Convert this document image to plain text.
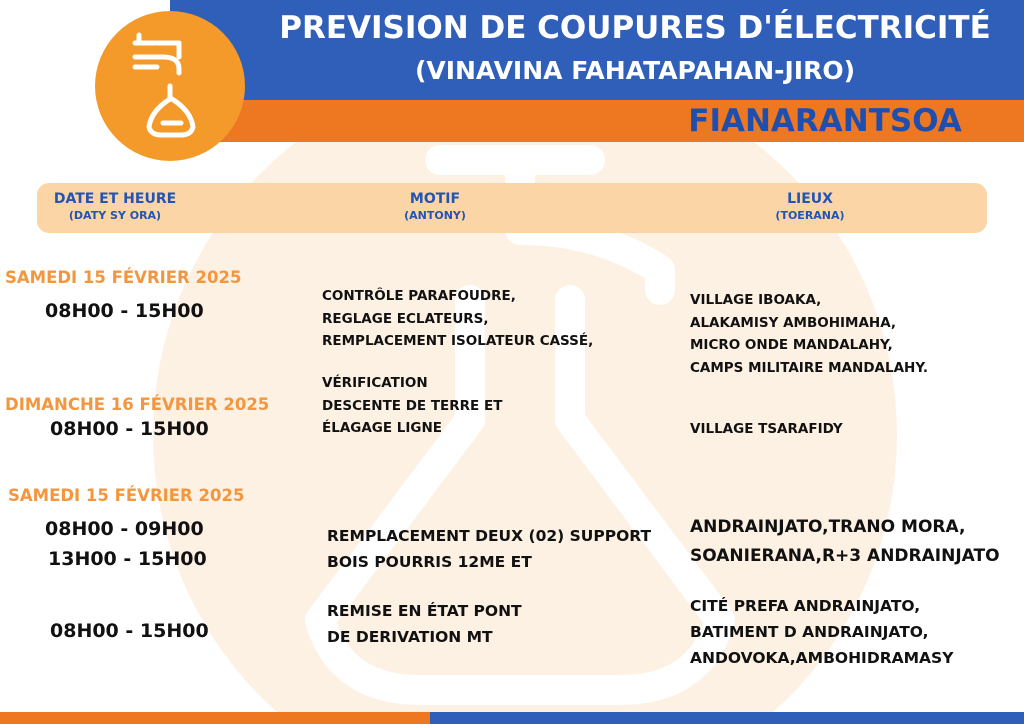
PREVISION DE COUPURES D'ÉLECTRICITÉ
(VINAVINA FAHATAPAHAN-JIRO)
FIANARANTSOA
DATE ET HEURE
(DATY SY ORA)
MOTIF
(ANTONY)
LIEUX
(TOERANA)
SAMEDI 15 FÉVRIER 2025
08H00 - 15H00
CONTRÔLE PARAFOUDRE,
REGLAGE ECLATEURS,
REMPLACEMENT ISOLATEUR CASSÉ,
VILLAGE IBOAKA,
ALAKAMISY AMBOHIMAHA,
MICRO ONDE MANDALAHY,
CAMPS MILITAIRE MANDALAHY.
DIMANCHE 16 FÉVRIER 2025
08H00 - 15H00
VÉRIFICATION
DESCENTE DE TERRE ET
ÉLAGAGE LIGNE	VILLAGE TSARAFIDY
SAMEDI 15 FÉVRIER 2025
08H00 - 09H00
13H00 - 15H00
REMPLACEMENT DEUX (02) SUPPORT
BOIS POURRIS 12ME ET
ANDRAINJATO,TRANO MORA,
SOANIERANA,R+3 ANDRAINJATO
08H00 - 15H00
REMISE EN ÉTAT PONT
DE DERIVATION MT
CITÉ PREFA ANDRAINJATO,
BATIMENT D ANDRAINJATO,
ANDOVOKA,AMBOHIDRAMASY
